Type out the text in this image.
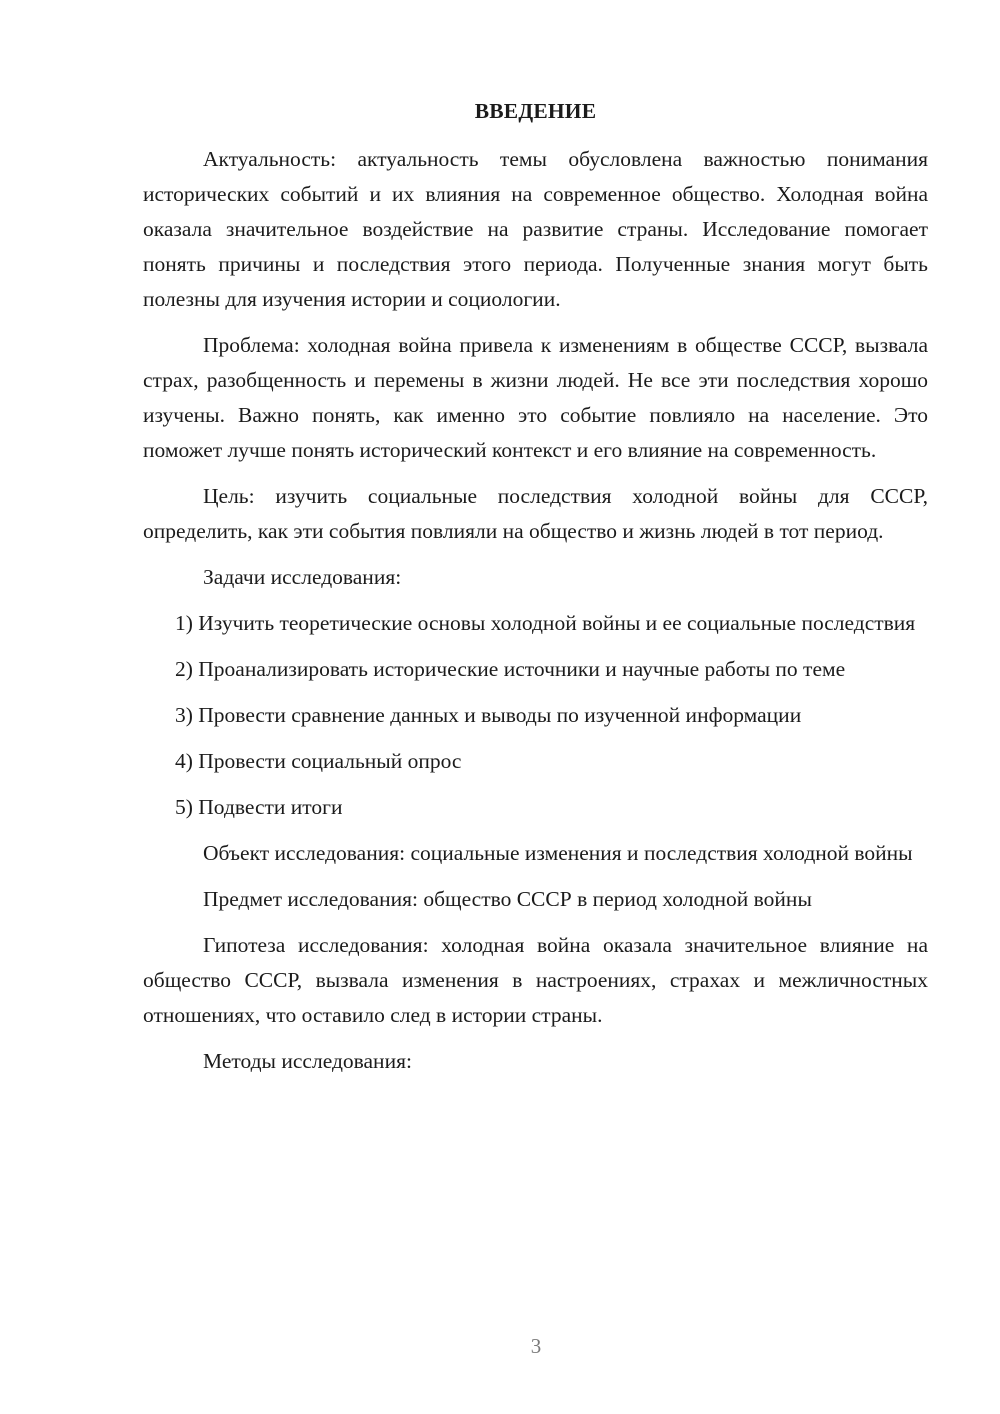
ВВЕДЕНИЕ

Актуальность: актуальность темы обусловлена важностью понимания исторических событий и их влияния на современное общество. Холодная война оказала значительное воздействие на развитие страны. Исследование помогает понять причины и последствия этого периода. Полученные знания могут быть полезны для изучения истории и социологии.

Проблема: холодная война привела к изменениям в обществе СССР, вызвала страх, разобщенность и перемены в жизни людей. Не все эти последствия хорошо изучены. Важно понять, как именно это событие повлияло на население. Это поможет лучше понять исторический контекст и его влияние на современность.

Цель: изучить социальные последствия холодной войны для СССР, определить, как эти события повлияли на общество и жизнь людей в тот период.

Задачи исследования:

1) Изучить теоретические основы холодной войны и ее социальные последствия

2) Проанализировать исторические источники и научные работы по теме

3) Провести сравнение данных и выводы по изученной информации

4) Провести социальный опрос

5) Подвести итоги

Объект исследования: социальные изменения и последствия холодной войны

Предмет исследования: общество СССР в период холодной войны

Гипотеза исследования: холодная война оказала значительное влияние на общество СССР, вызвала изменения в настроениях, страхах и межличностных отношениях, что оставило след в истории страны.

Методы исследования:

3
